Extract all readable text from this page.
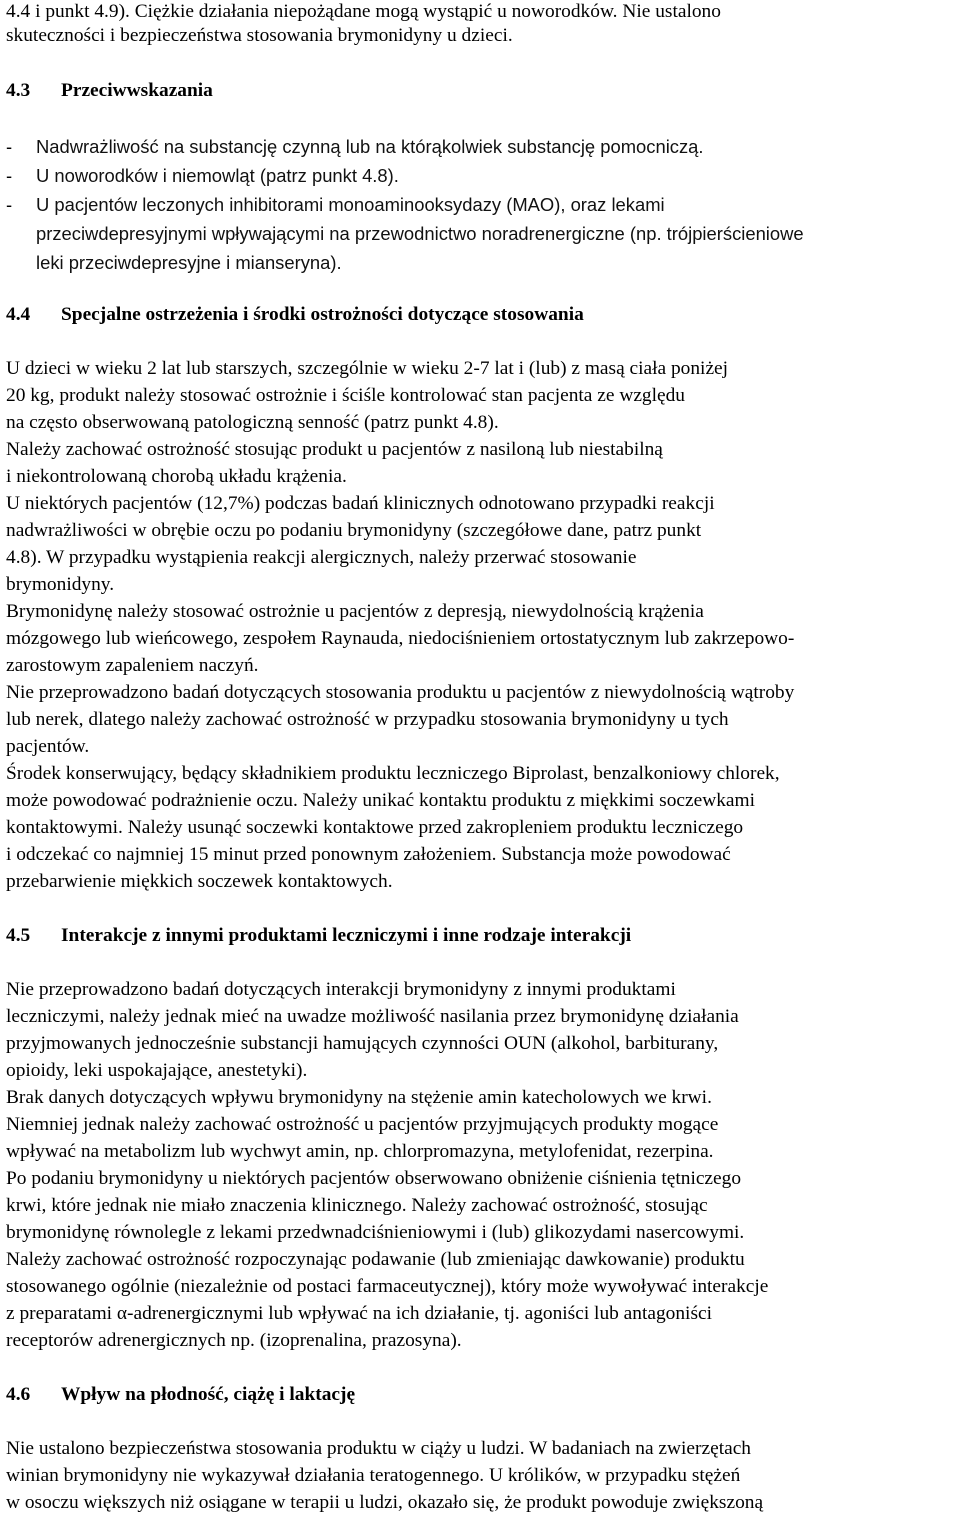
4.4 i punkt 4.9). Ciężkie działania niepożądane mogą wystąpić u noworodków. Nie ustalono
skuteczności i bezpieczeństwa stosowania brymonidyny u dzieci.
4.3 Przeciwwskazania
- Nadwrażliwość na substancję czynną lub na którąkolwiek substancję pomocniczą.
- U noworodków i niemowląt (patrz punkt 4.8).
- U pacjentów leczonych inhibitorami monoaminooksydazy (MAO), oraz lekami
przeciwdepresyjnymi wpływającymi na przewodnictwo noradrenergiczne (np. trójpierścieniowe
leki przeciwdepresyjne i mianseryna).
4.4 Specjalne ostrzeżenia i środki ostrożności dotyczące stosowania
U dzieci w wieku 2 lat lub starszych, szczególnie w wieku 2-7 lat i (lub) z masą ciała poniżej
20 kg, produkt należy stosować ostrożnie i ściśle kontrolować stan pacjenta ze względu
na często obserwowaną patologiczną senność (patrz punkt 4.8).
Należy zachować ostrożność stosując produkt u pacjentów z nasiloną lub niestabilną
i niekontrolowaną chorobą układu krążenia.
U niektórych pacjentów (12,7%) podczas badań klinicznych odnotowano przypadki reakcji
nadwrażliwości w obrębie oczu po podaniu brymonidyny (szczegółowe dane, patrz punkt
4.8). W przypadku wystąpienia reakcji alergicznych, należy przerwać stosowanie
brymonidyny.
Brymonidynę należy stosować ostrożnie u pacjentów z depresją, niewydolnością krążenia
mózgowego lub wieńcowego, zespołem Raynauda, niedociśnieniem ortostatycznym lub zakrzepowo-
zarostowym zapaleniem naczyń.
Nie przeprowadzono badań dotyczących stosowania produktu u pacjentów z niewydolnością wątroby
lub nerek, dlatego należy zachować ostrożność w przypadku stosowania brymonidyny u tych
pacjentów.
Środek konserwujący, będący składnikiem produktu leczniczego Biprolast, benzalkoniowy chlorek,
może powodować podrażnienie oczu. Należy unikać kontaktu produktu z miękkimi soczewkami
kontaktowymi. Należy usunąć soczewki kontaktowe przed zakropleniem produktu leczniczego
i odczekać co najmniej 15 minut przed ponownym założeniem. Substancja może powodować
przebarwienie miękkich soczewek kontaktowych.
4.5 Interakcje z innymi produktami leczniczymi i inne rodzaje interakcji
Nie przeprowadzono badań dotyczących interakcji brymonidyny z innymi produktami
leczniczymi, należy jednak mieć na uwadze możliwość nasilania przez brymonidynę działania
przyjmowanych jednocześnie substancji hamujących czynności OUN (alkohol, barbiturany,
opioidy, leki uspokajające, anestetyki).
Brak danych dotyczących wpływu brymonidyny na stężenie amin katecholowych we krwi.
Niemniej jednak należy zachować ostrożność u pacjentów przyjmujących produkty mogące
wpływać na metabolizm lub wychwyt amin, np. chlorpromazyna, metylofenidat, rezerpina.
Po podaniu brymonidyny u niektórych pacjentów obserwowano obniżenie ciśnienia tętniczego
krwi, które jednak nie miało znaczenia klinicznego. Należy zachować ostrożność, stosując
brymonidynę równolegle z lekami przedwnadciśnieniowymi i (lub) glikozydami nasercowymi.
Należy zachować ostrożność rozpoczynając podawanie (lub zmieniając dawkowanie) produktu
stosowanego ogólnie (niezależnie od postaci farmaceutycznej), który może wywoływać interakcje
z preparatami α-adrenergicznymi lub wpływać na ich działanie, tj. agoniści lub antagoniści
receptorów adrenergicznych np. (izoprenalina, prazosyna).
4.6 Wpływ na płodność, ciążę i laktację
Nie ustalono bezpieczeństwa stosowania produktu w ciąży u ludzi. W badaniach na zwierzętach
winian brymonidyny nie wykazywał działania teratogennego. U królików, w przypadku stężeń
w osoczu większych niż osiągane w terapii u ludzi, okazało się, że produkt powoduje zwiększoną
